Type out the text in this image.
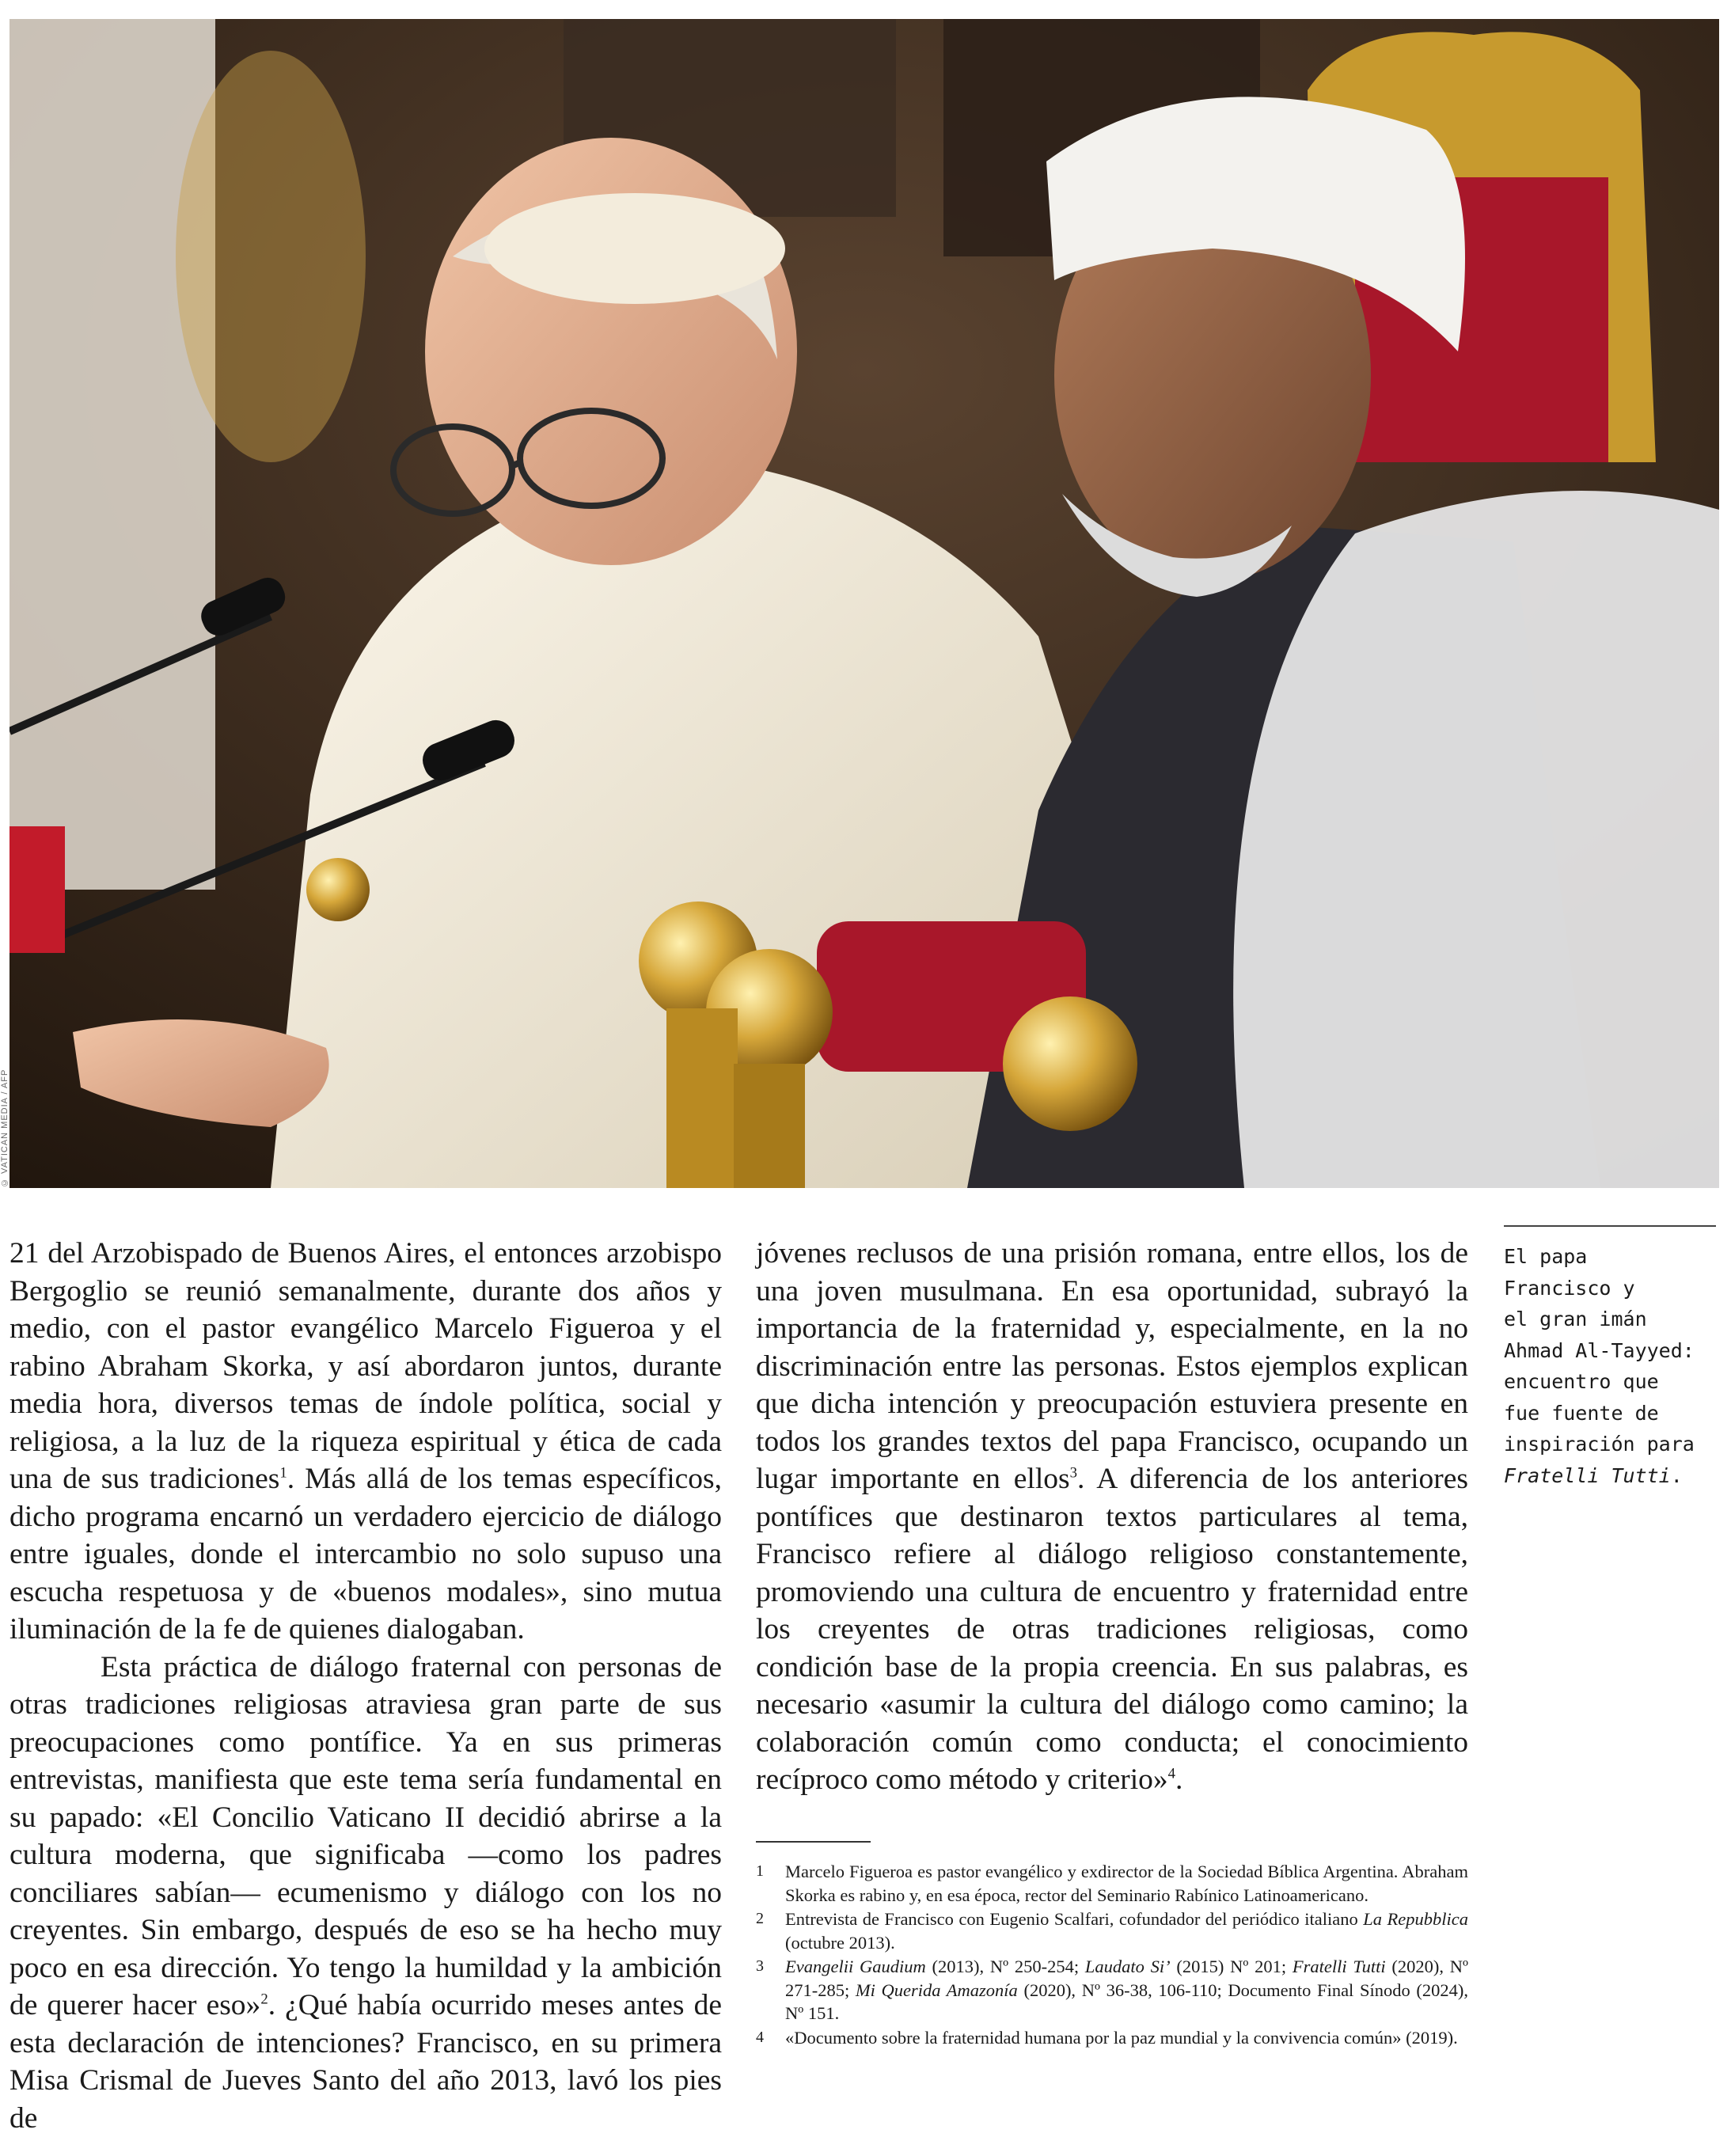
© VATICAN MEDIA / AFP

21 del Arzobispado de Buenos Aires, el entonces arzobispo Bergoglio se reunió semanalmente, durante dos años y medio, con el pastor evangélico Marcelo Figueroa y el rabino Abraham Skorka, y así abordaron juntos, durante media hora, diversos temas de índole política, social y religiosa, a la luz de la riqueza espiritual y ética de cada una de sus tradiciones$^1$. Más allá de los temas específicos, dicho programa encarnó un verdadero ejercicio de diálogo entre iguales, donde el intercambio no solo supuso una escucha respetuosa y de «buenos modales», sino mutua iluminación de la fe de quienes dialogaban.

Esta práctica de diálogo fraternal con personas de otras tradiciones religiosas atraviesa gran parte de sus preocupaciones como pontífice. Ya en sus primeras entrevistas, manifiesta que este tema sería fundamental en su papado: «El Concilio Vaticano II decidió abrirse a la cultura moderna, que significaba —como los padres conciliares sabían— ecumenismo y diálogo con los no creyentes. Sin embargo, después de eso se ha hecho muy poco en esa dirección. Yo tengo la humildad y la ambición de querer hacer eso»$^2$. ¿Qué había ocurrido meses antes de esta declaración de intenciones? Francisco, en su primera Misa Crismal de Jueves Santo del año 2013, lavó los pies de

jóvenes reclusos de una prisión romana, entre ellos, los de una joven musulmana. En esa oportunidad, subrayó la importancia de la fraternidad y, especialmente, en la no discriminación entre las personas. Estos ejemplos explican que dicha intención y preocupación estuviera presente en todos los grandes textos del papa Francisco, ocupando un lugar importante en ellos$^3$. A diferencia de los anteriores pontífices que destinaron textos particulares al tema, Francisco refiere al diálogo religioso constantemente, promoviendo una cultura de encuentro y fraternidad entre los creyentes de otras tradiciones religiosas, como condición base de la propia creencia. En sus palabras, es necesario «asumir la cultura del diálogo como camino; la colaboración común como conducta; el conocimiento recíproco como método y criterio»$^4$.

1 Marcelo Figueroa es pastor evangélico y exdirector de la Sociedad Bíblica Argentina. Abraham Skorka es rabino y, en esa época, rector del Seminario Rabínico Latinoamericano.
2 Entrevista de Francisco con Eugenio Scalfari, cofundador del periódico italiano La Repubblica (octubre 2013).
3 Evangelii Gaudium (2013), Nº 250-254; Laudato Si’ (2015) Nº 201; Fratelli Tutti (2020), Nº 271-285; Mi Querida Amazonía (2020), Nº 36-38, 106-110; Documento Final Sínodo (2024), Nº 151.
4 «Documento sobre la fraternidad humana por la paz mundial y la convivencia común» (2019).
El papa
Francisco y
el gran imán
Ahmad Al-Tayyed:
encuentro que
fue fuente de
inspiración para
Fratelli Tutti.
